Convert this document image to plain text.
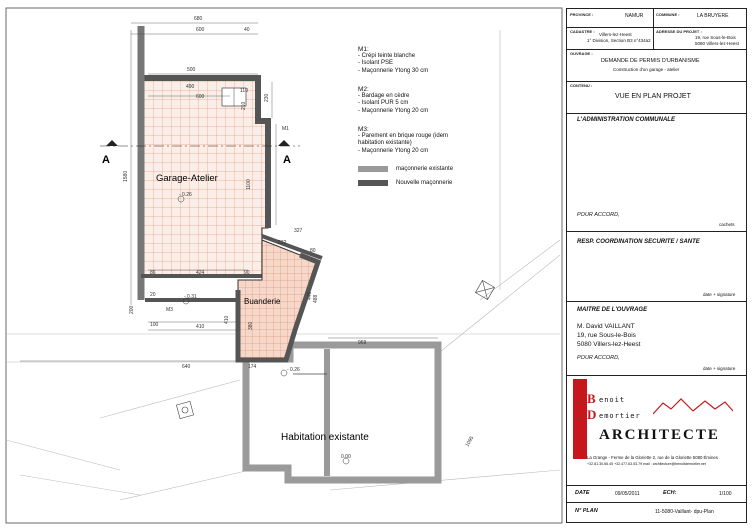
A	A
M1
680
600	40
500
490
600
110
230
210
1580
1100
327
232
80
86	424	90
20
200
100	410
174
640
969
445
380
410
1095
488
Garage-Atelier
Buanderie
Habitation existante
M3
- 0.26
- 0.31
- 0.26
0.00
M1:
- Crépi teinte blanche
- Isolant PSE
- Maçonnerie Ytong 30 cm
M2:
- Bardage en cèdre
- Isolant PUR 5 cm
- Maçonnerie Ytong 20 cm
M3:
- Parement en brique rouge (idem
habitation existante)
- Maçonnerie Ytong 20 cm
maçonnerie existante
Nouvelle maçonnerie
PROVINCE :	NAMUR	COMMUNE :	LA BRUYERE
CADASTRE :
Villers-lez-Heest
1° Division, Section B3 n°434a2
ADRESSE DU PROJET :
19, rue Sous-le-Bois
5080 Villers-lez-Heest
OUVRAGE :
DEMANDE DE PERMIS D'URBANISME
Construction d'un garage - atelier
CONTENU :
VUE EN PLAN PROJET
L'ADMINISTRATION COMMUNALE
POUR ACCORD,
cachets
RESP. COORDINATION SECURITE / SANTE
date + signature
MAITRE DE L'OUVRAGE
M. David VAILLANT
19, rue Sous-le-Bois
5080 Villers-lez-Heest
POUR ACCORD,
date + signature
B enoit
D emortier
ARCHITECTE
La Grange - Ferme de la Gloriette 2, rue de la Gloriette 5080 Émines
+32.81.30.66.45 +32.477.63.53.79 mail : architecture@benoitdemortier.net
DATE	09/05/2011	ECH:	1/100
N° PLAN	11-5080-Vaillant- dpu-Plan
